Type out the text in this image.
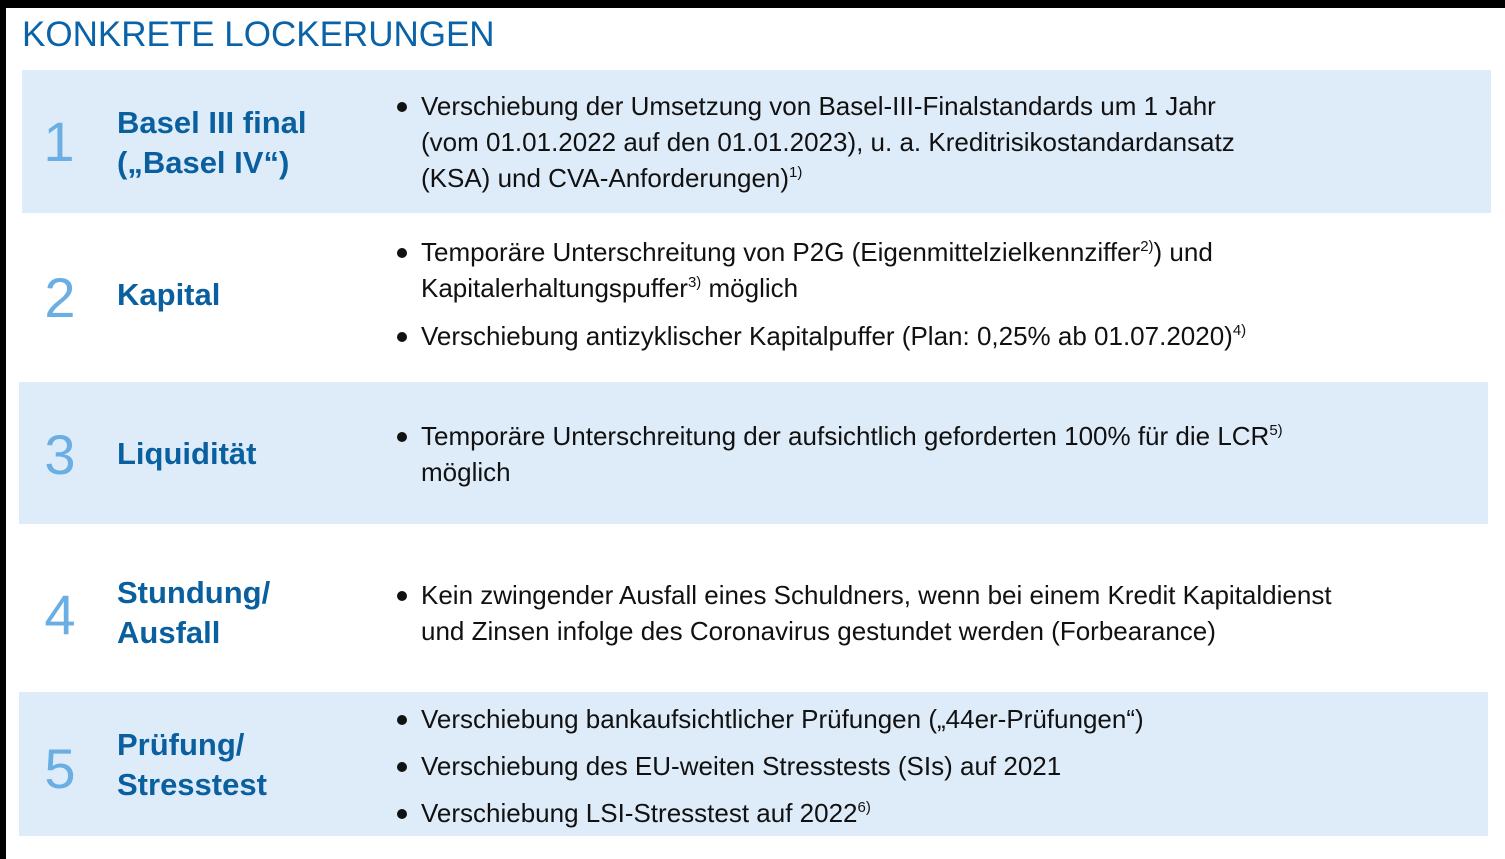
KONKRETE LOCKERUNGEN
1 Basel III final
(„Basel IV“)
Verschiebung der Umsetzung von Basel-III-Finalstandards um 1 Jahr
(vom 01.01.2022 auf den 01.01.2023), u. a. Kreditrisikostandardansatz
(KSA) und CVA-Anforderungen)$^{1)}$
2 Kapital
Temporäre Unterschreitung von P2G (Eigenmittelzielkennziffer$^{2)}$) und
Kapitalerhaltungspuffer$^{3)}$ möglich
Verschiebung antizyklischer Kapitalpuffer (Plan: 0,25% ab 01.07.2020)$^{4)}$
3 Liquidität	Temporäre Unterschreitung der aufsichtlich geforderten 100% für die LCR$^{5)}$
möglich
4 Stundung/
Ausfall
Kein zwingender Ausfall eines Schuldners, wenn bei einem Kredit Kapitaldienst
und Zinsen infolge des Coronavirus gestundet werden (Forbearance)
5 Prüfung/
Stresstest
Verschiebung bankaufsichtlicher Prüfungen („44er-Prüfungen“)
Verschiebung des EU-weiten Stresstests (SIs) auf 2021
Verschiebung LSI-Stresstest auf 2022$^{6)}$
